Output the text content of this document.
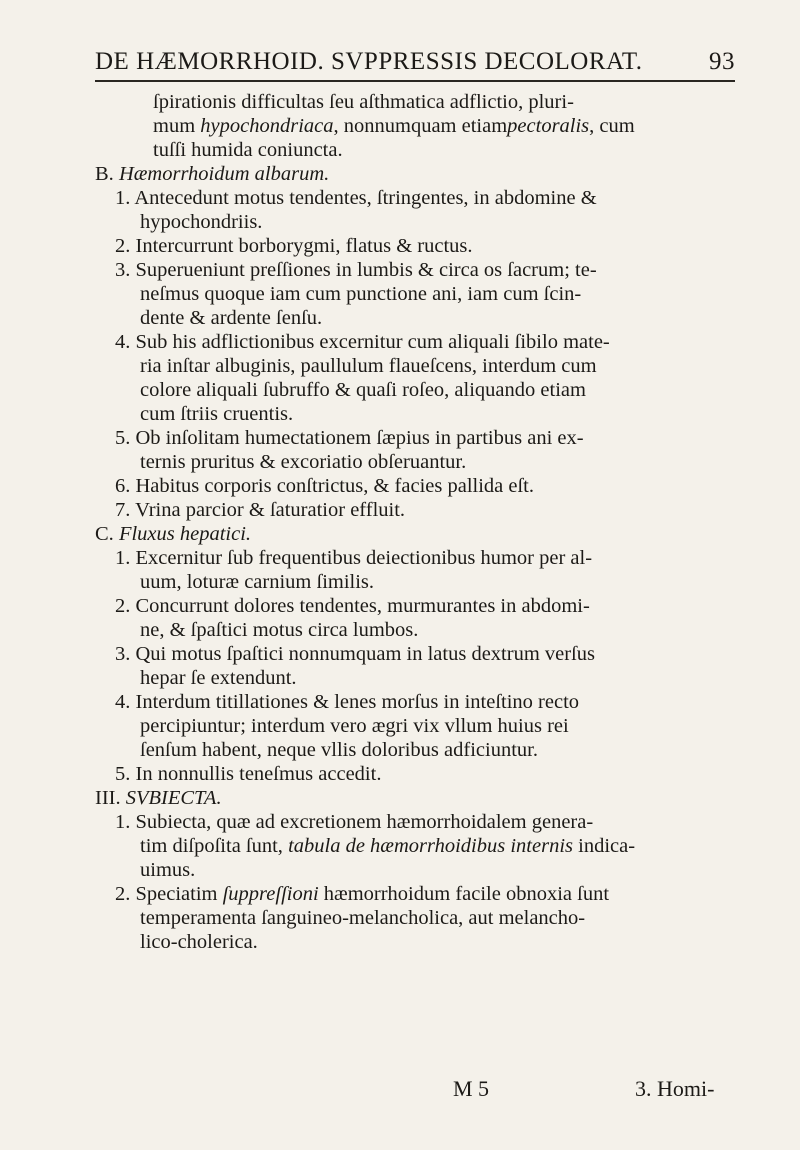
DE HÆMORRHOID. SVPPRESSIS DECOLORAT.	93
ſpirationis difficultas ſeu aſthmatica adflictio, pluri-
mum hypochondriaca, nonnumquam etiampectoralis, cum
tuſſi humida coniuncta.
B. Hæmorrhoidum albarum.
1. Antecedunt motus tendentes, ſtringentes, in abdomine &
hypochondriis.
2. Intercurrunt borborygmi, flatus & ructus.
3. Superueniunt preſſiones in lumbis & circa os ſacrum; te-
neſmus quoque iam cum punctione ani, iam cum ſcin-
dente & ardente ſenſu.
4. Sub his adflictionibus excernitur cum aliquali ſibilo mate-
ria inſtar albuginis, paullulum flaueſcens, interdum cum
colore aliquali ſubruffo & quaſi roſeo, aliquando etiam
cum ſtriis cruentis.
5. Ob inſolitam humectationem ſæpius in partibus ani ex-
ternis pruritus & excoriatio obſeruantur.
6. Habitus corporis conſtrictus, & facies pallida eſt.
7. Vrina parcior & ſaturatior effluit.
C. Fluxus hepatici.
1. Excernitur ſub frequentibus deiectionibus humor per al-
uum, loturæ carnium ſimilis.
2. Concurrunt dolores tendentes, murmurantes in abdomi-
ne, & ſpaſtici motus circa lumbos.
3. Qui motus ſpaſtici nonnumquam in latus dextrum verſus
hepar ſe extendunt.
4. Interdum titillationes & lenes morſus in inteſtino recto
percipiuntur; interdum vero ægri vix vllum huius rei
ſenſum habent, neque vllis doloribus adficiuntur.
5. In nonnullis teneſmus accedit.
III. SVBIECTA.
1. Subiecta, quæ ad excretionem hæmorrhoidalem genera-
tim diſpoſita ſunt, tabula de hæmorrhoidibus internis indica-
uimus.
2. Speciatim ſuppreſſioni hæmorrhoidum facile obnoxia ſunt
temperamenta ſanguineo-melancholica, aut melancho-
lico-cholerica.
M 5	3. Homi-
